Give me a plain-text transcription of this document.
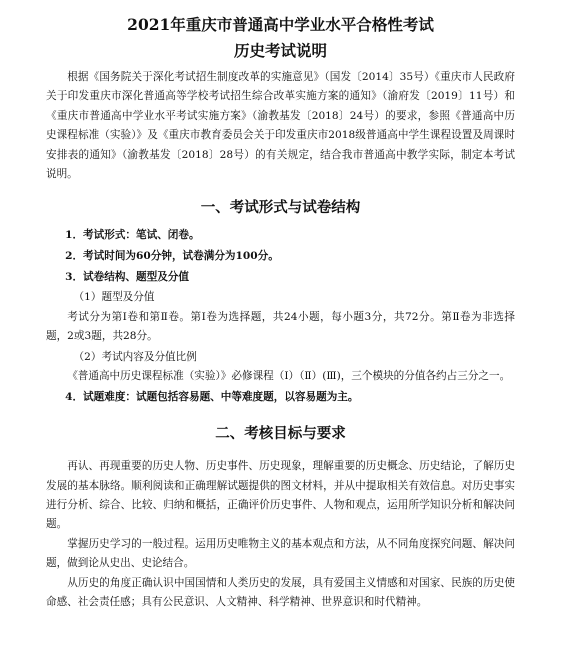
2021年重庆市普通高中学业水平合格性考试
历史考试说明

根据《国务院关于深化考试招生制度改革的实施意见》（国发〔2014〕35号）《重庆市人民政府关于印发重庆市深化普通高等学校考试招生综合改革实施方案的通知》（渝府发〔2019〕11号）和《重庆市普通高中学业水平考试实施方案》（渝教基发〔2018〕24号）的要求，参照《普通高中历史课程标准（实验）》及《重庆市教育委员会关于印发重庆市2018级普通高中学生课程设置及周课时安排表的通知》（渝教基发〔2018〕28号）的有关规定，结合我市普通高中教学实际，制定本考试说明。

一、考试形式与试卷结构

1．考试形式：笔试、闭卷。

2．考试时间为60分钟，试卷满分为100分。

3．试卷结构、题型及分值

（1）题型及分值

考试分为第Ⅰ卷和第Ⅱ卷。第Ⅰ卷为选择题，共24小题，每小题3分，共72分。第Ⅱ卷为非选择题，2或3题，共28分。

（2）考试内容及分值比例

《普通高中历史课程标准（实验）》必修课程（Ⅰ）（Ⅱ）(Ⅲ)，三个模块的分值各约占三分之一。

4．试题难度：试题包括容易题、中等难度题，以容易题为主。

二、考核目标与要求

再认、再现重要的历史人物、历史事件、历史现象，理解重要的历史概念、历史结论，了解历史发展的基本脉络。顺利阅读和正确理解试题提供的图文材料，并从中提取相关有效信息。对历史事实进行分析、综合、比较、归纳和概括，正确评价历史事件、人物和观点，运用所学知识分析和解决问题。

掌握历史学习的一般过程。运用历史唯物主义的基本观点和方法，从不同角度探究问题、解决问题，做到论从史出、史论结合。

从历史的角度正确认识中国国情和人类历史的发展，具有爱国主义情感和对国家、民族的历史使命感、社会责任感；具有公民意识、人文精神、科学精神、世界意识和时代精神。
